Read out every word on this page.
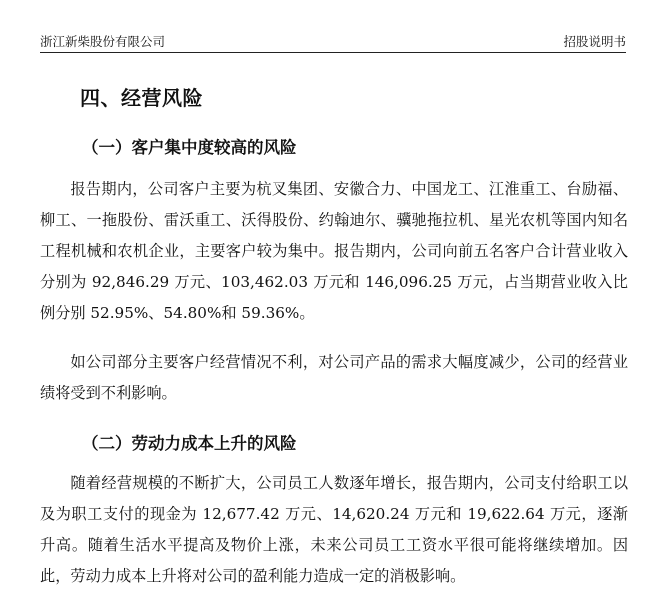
浙江新柴股份有限公司	招股说明书
四、经营风险
（一）客户集中度较高的风险

报告期内，公司客户主要为杭叉集团、安徽合力、中国龙工、江淮重工、台励福、柳工、一拖股份、雷沃重工、沃得股份、约翰迪尔、骥驰拖拉机、星光农机等国内知名工程机械和农机企业，主要客户较为集中。报告期内，公司向前五名客户合计营业收入分别为 92,846.29 万元、103,462.03 万元和 146,096.25 万元，占当期营业收入比例分别 52.95%、54.80%和 59.36%。

如公司部分主要客户经营情况不利，对公司产品的需求大幅度减少，公司的经营业绩将受到不利影响。

（二）劳动力成本上升的风险

随着经营规模的不断扩大，公司员工人数逐年增长，报告期内，公司支付给职工以及为职工支付的现金为 12,677.42 万元、14,620.24 万元和 19,622.64 万元，逐渐升高。随着生活水平提高及物价上涨，未来公司员工工资水平很可能将继续增加。因此，劳动力成本上升将对公司的盈利能力造成一定的消极影响。
